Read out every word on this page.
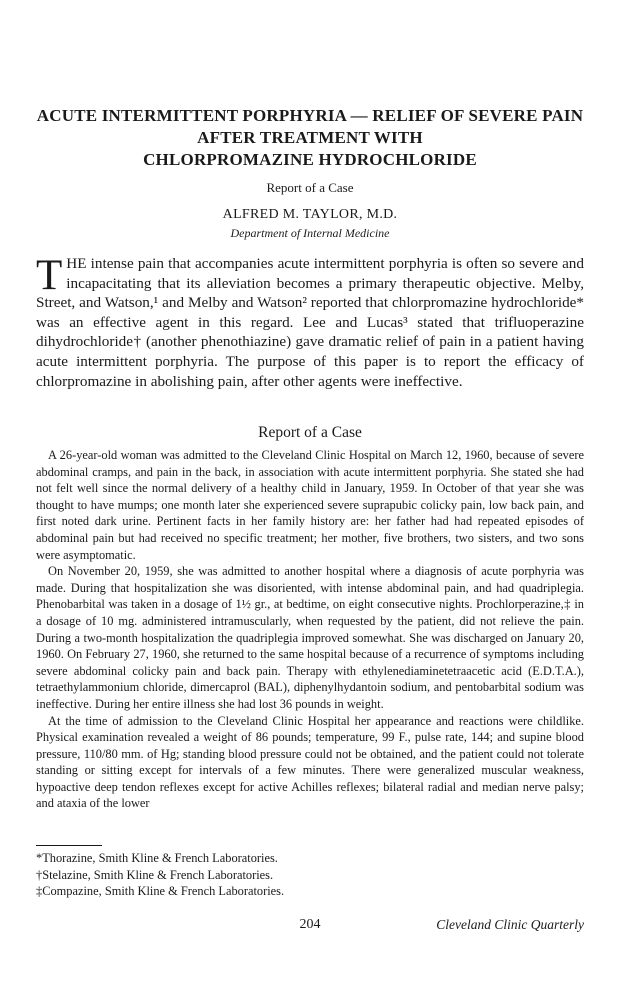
ACUTE INTERMITTENT PORPHYRIA — RELIEF OF SEVERE PAIN
AFTER TREATMENT WITH
CHLORPROMAZINE HYDROCHLORIDE
Report of a Case
ALFRED M. TAYLOR, M.D.
Department of Internal Medicine
THE intense pain that accompanies acute intermittent porphyria is often so severe and incapacitating that its alleviation becomes a primary therapeutic objective. Melby, Street, and Watson,¹ and Melby and Watson² reported that chlorpromazine hydrochloride* was an effective agent in this regard. Lee and Lucas³ stated that trifluoperazine dihydrochloride† (another phenothiazine) gave dramatic relief of pain in a patient having acute intermittent porphyria. The purpose of this paper is to report the efficacy of chlorpromazine in abolishing pain, after other agents were ineffective.
Report of a Case

A 26-year-old woman was admitted to the Cleveland Clinic Hospital on March 12, 1960, because of severe abdominal cramps, and pain in the back, in association with acute intermittent porphyria. She stated she had not felt well since the normal delivery of a healthy child in January, 1959. In October of that year she was thought to have mumps; one month later she experienced severe suprapubic colicky pain, low back pain, and first noted dark urine. Pertinent facts in her family history are: her father had had repeated episodes of abdominal pain but had received no specific treatment; her mother, five brothers, two sisters, and two sons were asymptomatic.

On November 20, 1959, she was admitted to another hospital where a diagnosis of acute porphyria was made. During that hospitalization she was disoriented, with intense abdominal pain, and had quadriplegia. Phenobarbital was taken in a dosage of 1½ gr., at bedtime, on eight consecutive nights. Prochlorperazine,‡ in a dosage of 10 mg. administered intramuscularly, when requested by the patient, did not relieve the pain. During a two-month hospitalization the quadriplegia improved somewhat. She was discharged on January 20, 1960. On February 27, 1960, she returned to the same hospital because of a recurrence of symptoms including severe abdominal colicky pain and back pain. Therapy with ethylenediaminetetraacetic acid (E.D.T.A.), tetraethylammonium chloride, dimercaprol (BAL), diphenylhydantoin sodium, and pentobarbital sodium was ineffective. During her entire illness she had lost 36 pounds in weight.

At the time of admission to the Cleveland Clinic Hospital her appearance and reactions were childlike. Physical examination revealed a weight of 86 pounds; temperature, 99 F., pulse rate, 144; and supine blood pressure, 110/80 mm. of Hg; standing blood pressure could not be obtained, and the patient could not tolerate standing or sitting except for intervals of a few minutes. There were generalized muscular weakness, hypoactive deep tendon reflexes except for active Achilles reflexes; bilateral radial and median nerve palsy; and ataxia of the lower

*Thorazine, Smith Kline & French Laboratories.
†Stelazine, Smith Kline & French Laboratories.
‡Compazine, Smith Kline & French Laboratories.
204	Cleveland Clinic Quarterly
